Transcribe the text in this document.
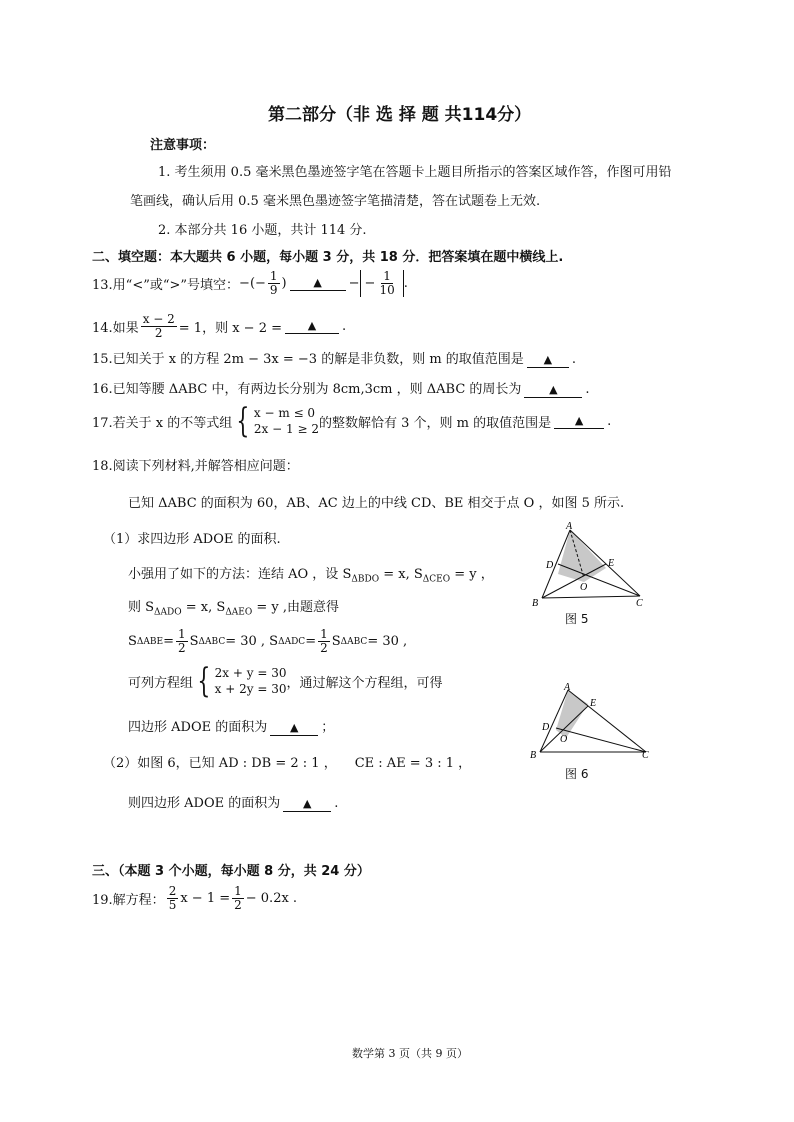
第二部分（非 选 择 题 共114分）
注意事项：
1. 考生须用 0.5 毫米黑色墨迹签字笔在答题卡上题目所指示的答案区域作答，作图可用铅
笔画线，确认后用 0.5 毫米黑色墨迹签字笔描清楚，答在试题卷上无效.
2. 本部分共 16 小题，共计 114 分.
二、填空题：本大题共 6 小题，每小题 3 分，共 18 分．把答案填在题中横线上.
13.用“<”或“>”号填空： −(− $\frac{1}{9}$ )	▲	− − $\frac{1}{10}$ .
14.如果 $\frac{x - 2}{2} = 1$，则 x − 2 =	▲	.
15.已知关于 x 的方程 2m − 3x = −3 的解是非负数，则 m 的取值范围是 ▲ .
16.已知等腰 ΔABC 中，有两边长分别为 8cm,3cm ，则 ΔABC 的周长为	▲ .
17.若关于 x 的不等式组 { x − m ≤ 0
2x − 1 ≥ 2 的整数解恰有 3 个，则 m 的取值范围是	▲	.
18.阅读下列材料,并解答相应问题：
已知 ΔABC 的面积为 60，AB、AC 边上的中线 CD、BE 相交于点 O ，如图 5 所示.
（1）求四边形 ADOE 的面积.
小强用了如下的方法：连结 AO ，设 $S_{\Delta BDO} = x$, $S_{\Delta CEO} = y$ ，
则 $S_{\Delta ADO} = x$, $S_{\Delta AEO} = y$ ,由题意得
S $\Delta ABE = \frac{1}{2}$ S ΔABC = 30 , S $\Delta ADC = \frac{1}{2}$ S ΔABC = 30 ,
可列方程组 { 2x + y = 30
x + 2y = 30 ，通过解这个方程组，可得
四边形 ADOE 的面积为 ▲ ；
（2）如图 6，已知 AD : DB = 2 : 1 ， CE : AE = 3 : 1 ，
则四边形 ADOE 的面积为 ▲ .
A
B	C
D	E
O
图 5
A
B	C
D
E
O
图 6
三、（本题 3 个小题，每小题 8 分，共 24 分）
19.解方程： $\frac{2}{5}$ $x - 1 = \frac{1}{2} - 0.2x$ .
数学第 3 页（共 9 页）
